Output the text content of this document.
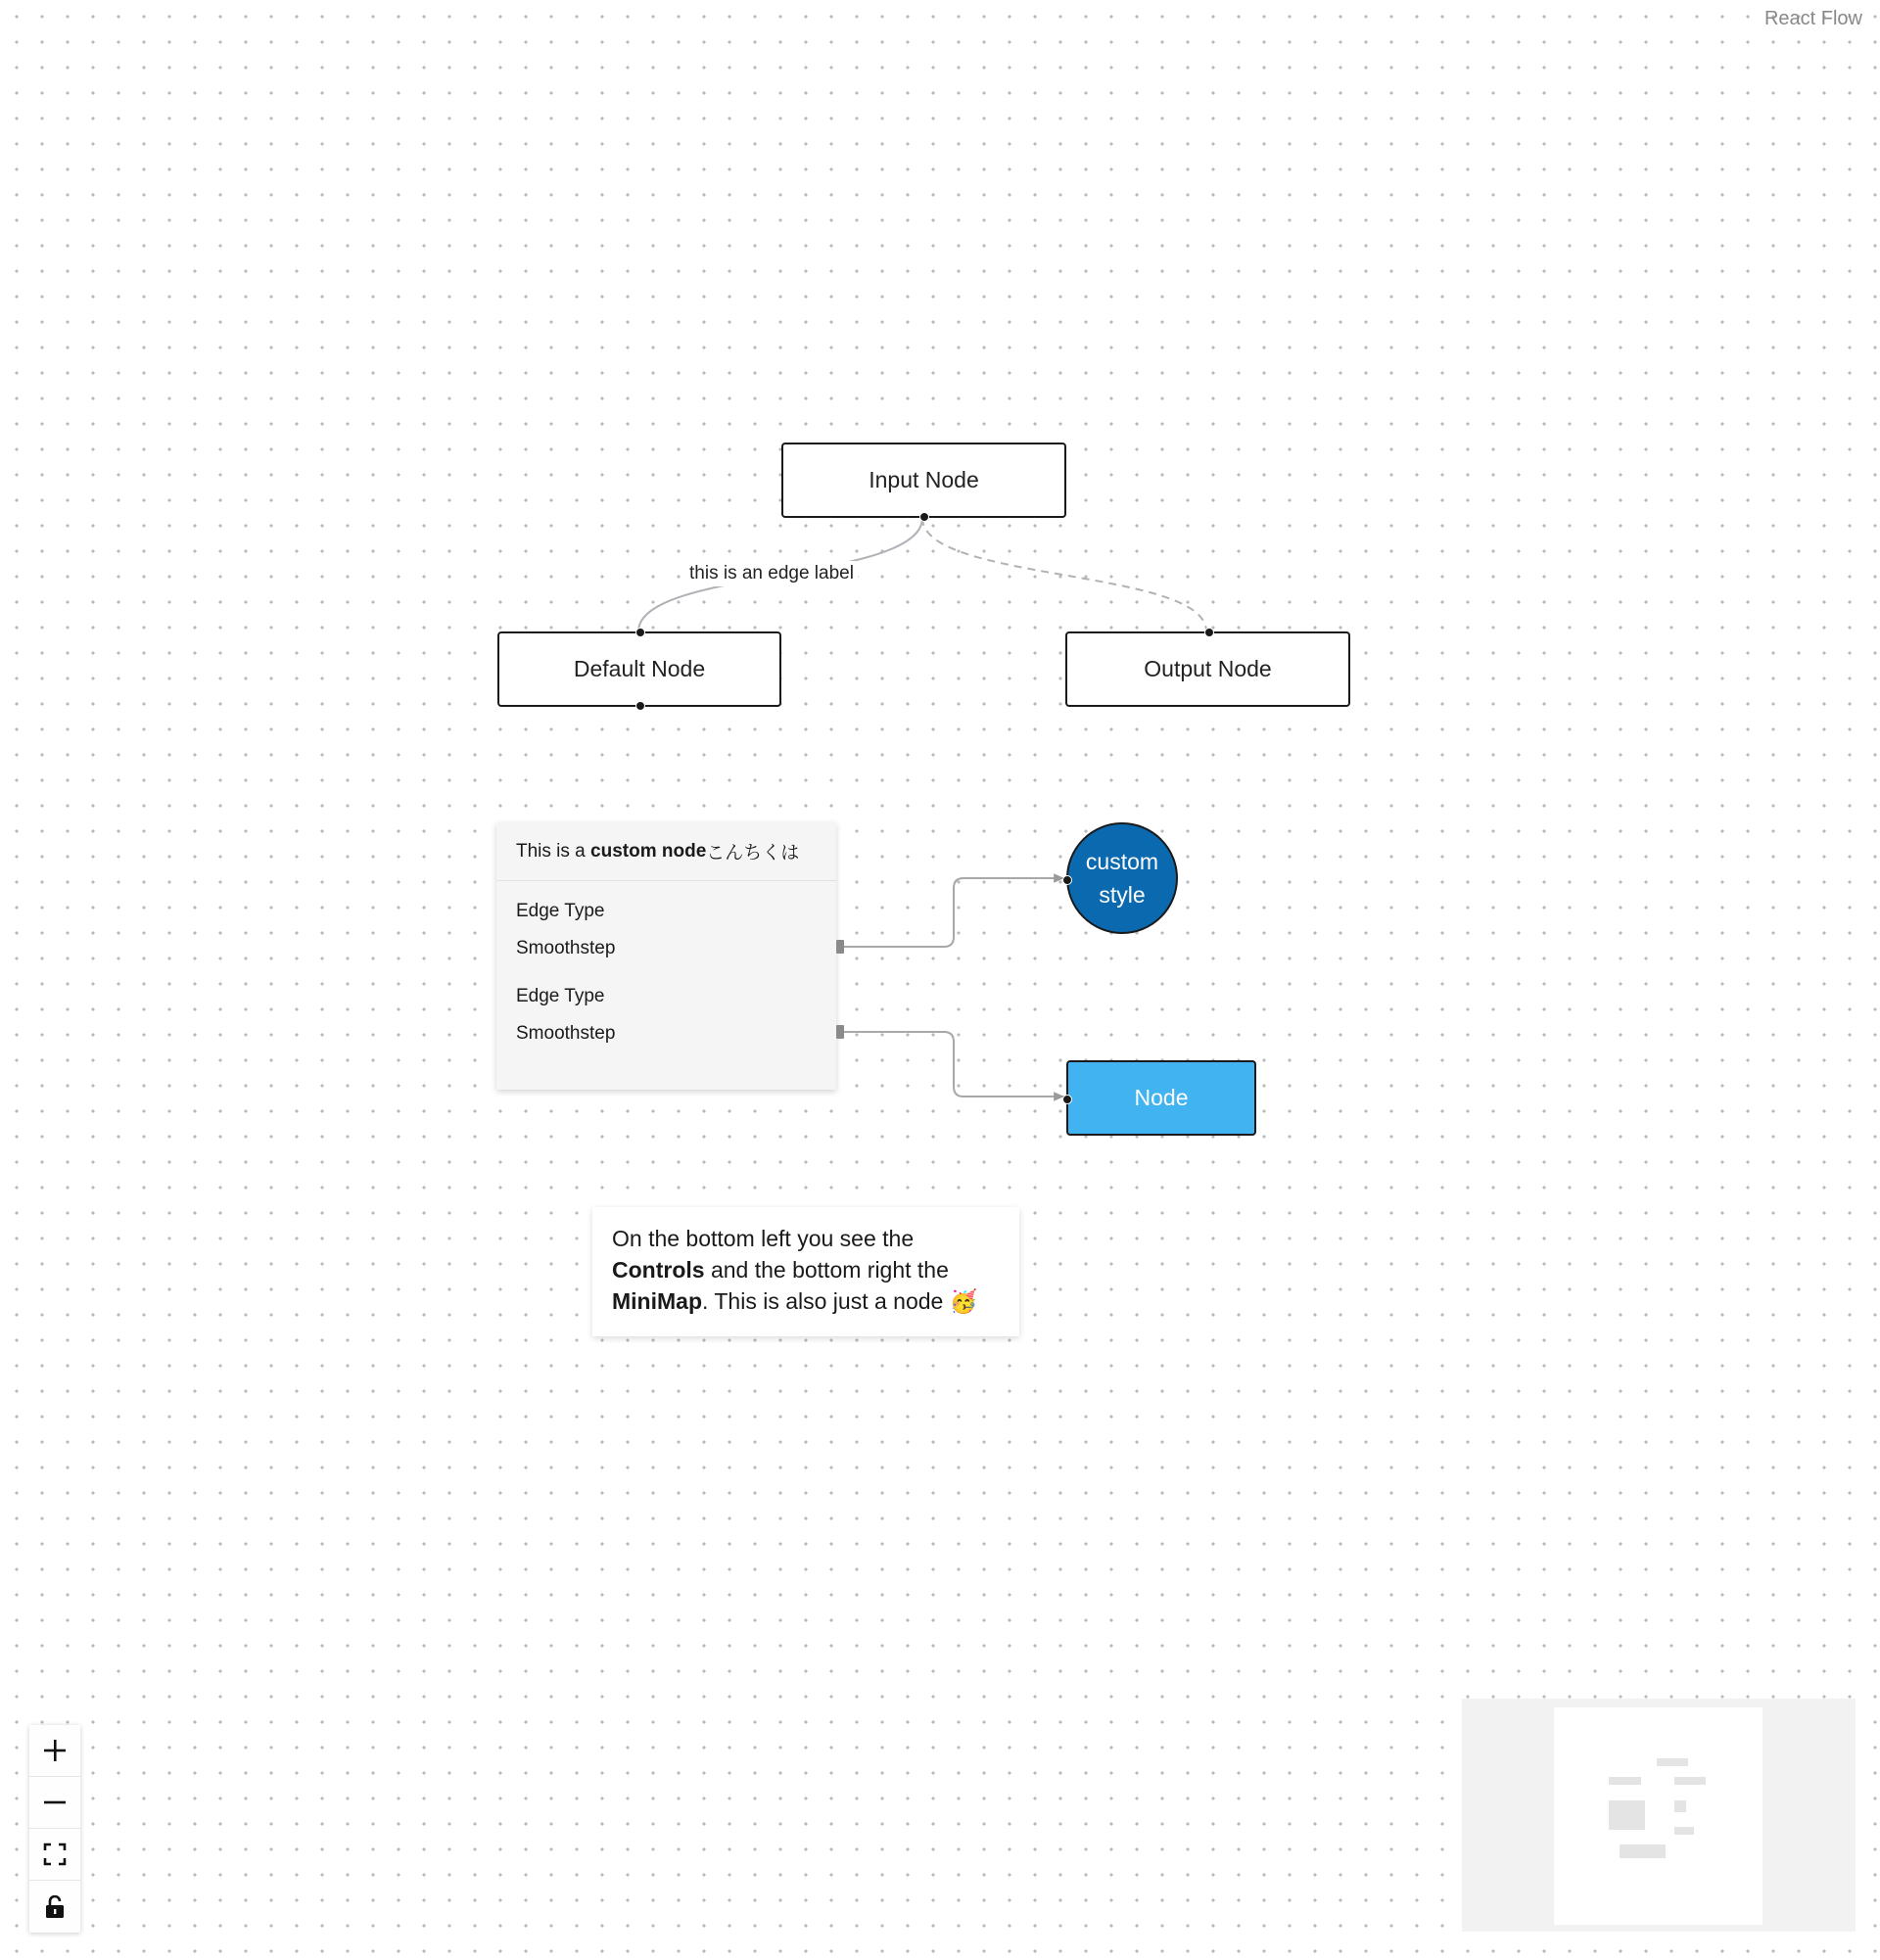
React Flow
Input Node
this is an edge label
Default Node	Output Node
This is a custom node こんちくは
Edge Type
Smoothstep
Edge Type
Smoothstep
custom
style
Node
On the bottom left you see the
Controls and the bottom right the
MiniMap. This is also just a node 🥳
